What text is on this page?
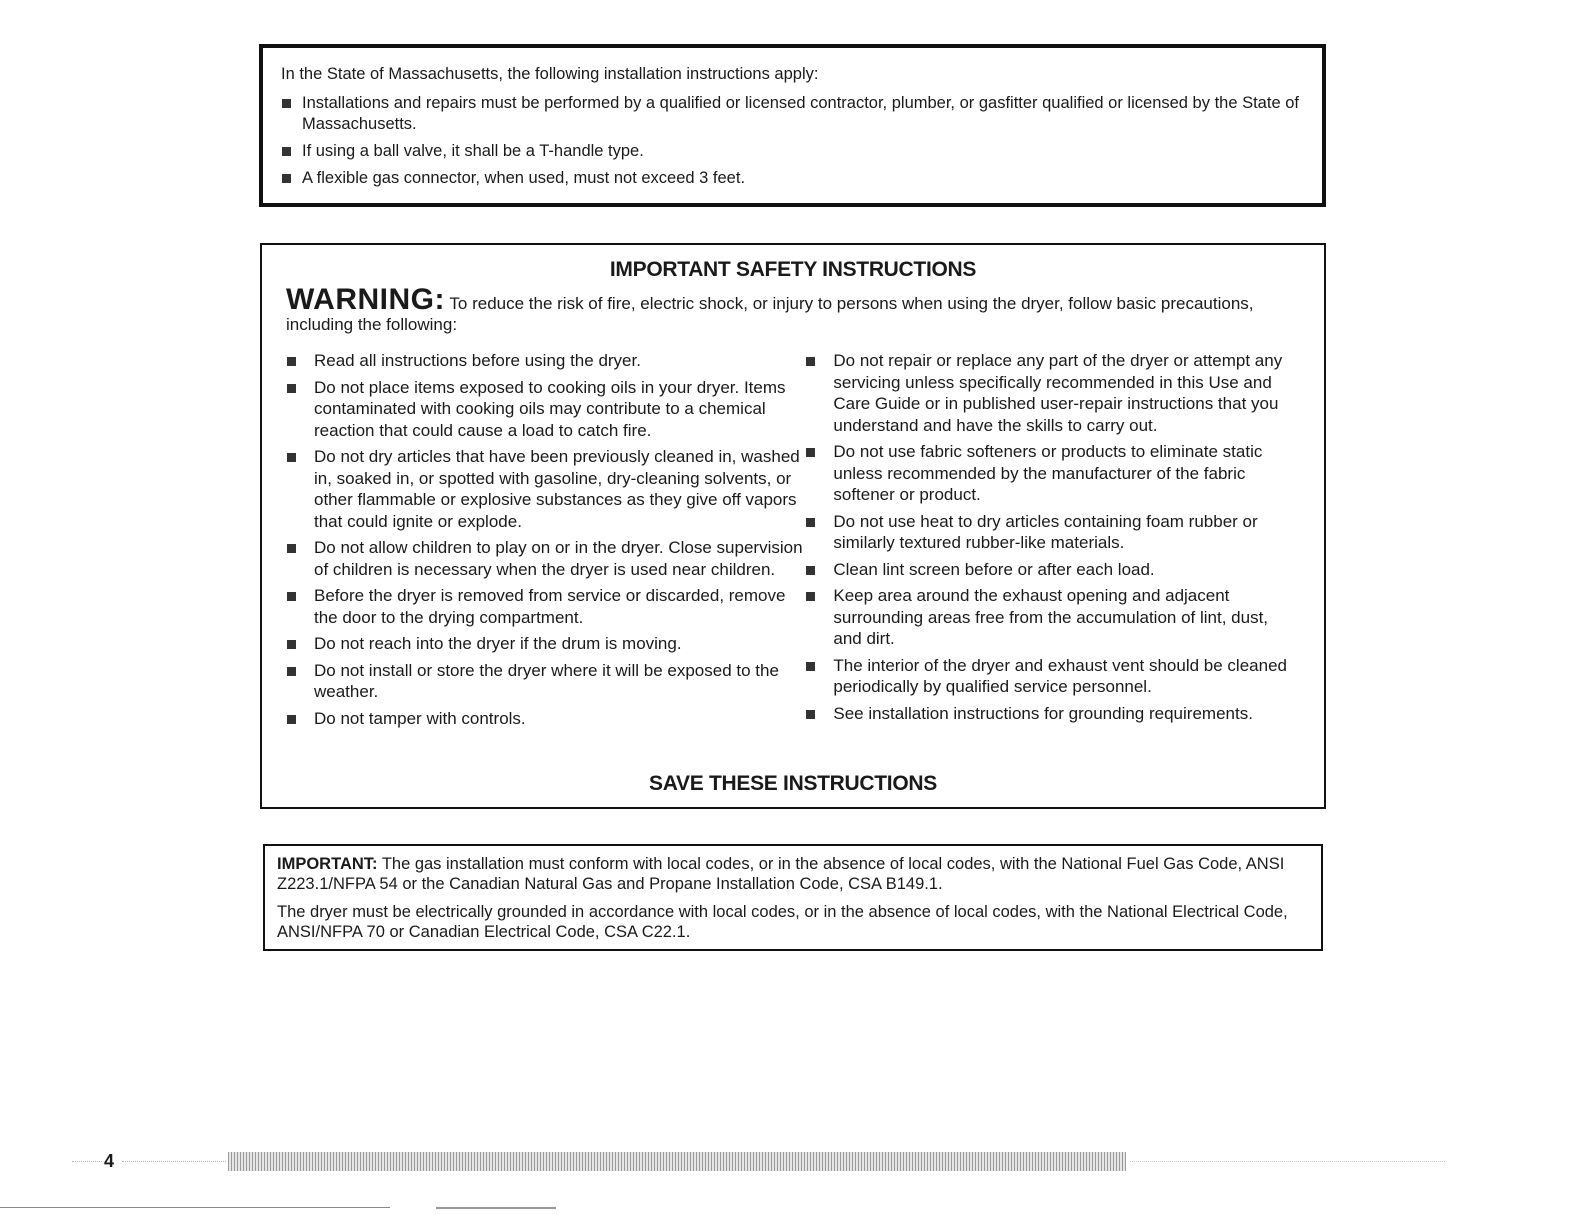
In the State of Massachusetts, the following installation instructions apply:

Installations and repairs must be performed by a qualified or licensed contractor, plumber, or gasfitter qualified or licensed by the State of Massachusetts.
If using a ball valve, it shall be a T-handle type.
A flexible gas connector, when used, must not exceed 3 feet.
IMPORTANT SAFETY INSTRUCTIONS

WARNING: To reduce the risk of fire, electric shock, or injury to persons when using the dryer, follow basic precautions, including the following:

Read all instructions before using the dryer.
Do not place items exposed to cooking oils in your dryer. Items contaminated with cooking oils may contribute to a chemical reaction that could cause a load to catch fire.
Do not dry articles that have been previously cleaned in, washed in, soaked in, or spotted with gasoline, dry-cleaning solvents, or other flammable or explosive substances as they give off vapors that could ignite or explode.
Do not allow children to play on or in the dryer. Close supervision of children is necessary when the dryer is used near children.
Before the dryer is removed from service or discarded, remove the door to the drying compartment.
Do not reach into the dryer if the drum is moving.
Do not install or store the dryer where it will be exposed to the weather.
Do not tamper with controls.
Do not repair or replace any part of the dryer or attempt any servicing unless specifically recommended in this Use and Care Guide or in published user-repair instructions that you understand and have the skills to carry out.
Do not use fabric softeners or products to eliminate static unless recommended by the manufacturer of the fabric softener or product.
Do not use heat to dry articles containing foam rubber or similarly textured rubber-like materials.
Clean lint screen before or after each load.
Keep area around the exhaust opening and adjacent surrounding areas free from the accumulation of lint, dust, and dirt.
The interior of the dryer and exhaust vent should be cleaned periodically by qualified service personnel.
See installation instructions for grounding requirements.
SAVE THESE INSTRUCTIONS

IMPORTANT: The gas installation must conform with local codes, or in the absence of local codes, with the National Fuel Gas Code, ANSI Z223.1/NFPA 54 or the Canadian Natural Gas and Propane Installation Code, CSA B149.1.

The dryer must be electrically grounded in accordance with local codes, or in the absence of local codes, with the National Electrical Code, ANSI/NFPA 70 or Canadian Electrical Code, CSA C22.1.

4
